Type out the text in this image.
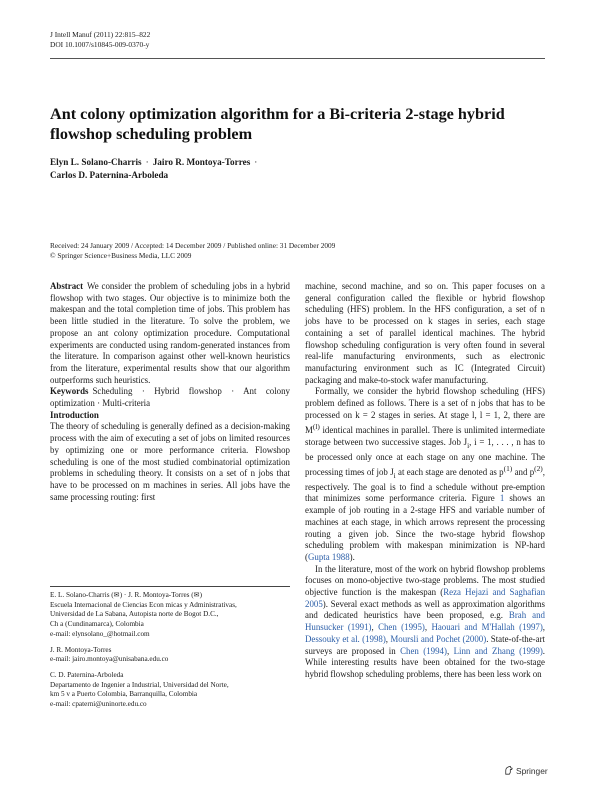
J Intell Manuf (2011) 22:815–822
DOI 10.1007/s10845-009-0370-y
Ant colony optimization algorithm for a Bi-criteria 2-stage hybrid flowshop scheduling problem
Elyn L. Solano-Charris · Jairo R. Montoya-Torres ·
Carlos D. Paternina-Arboleda
Received: 24 January 2009 / Accepted: 14 December 2009 / Published online: 31 December 2009
© Springer Science+Business Media, LLC 2009

Abstract We consider the problem of scheduling jobs in a hybrid flowshop with two stages. Our objective is to minimize both the makespan and the total completion time of jobs. This problem has been little studied in the literature. To solve the problem, we propose an ant colony optimization procedure. Computational experiments are conducted using random-generated instances from the literature. In comparison against other well-known heuristics from the literature, experimental results show that our algorithm outperforms such heuristics.

Keywords Scheduling · Hybrid flowshop · Ant colony optimization · Multi-criteria

Introduction

The theory of scheduling is generally defined as a decision-making process with the aim of executing a set of jobs on limited resources by optimizing one or more performance criteria. Flowshop scheduling is one of the most studied combinatorial optimization problems in scheduling theory. It consists on a set of n jobs that have to be processed on m machines in series. All jobs have the same processing routing: first

E. L. Solano-Charris (✉) · J. R. Montoya-Torres (✉)
Escuela Internacional de Ciencias Econ micas y Administrativas,
Universidad de La Sabana, Autopista norte de Bogot D.C.,
Ch a (Cundinamarca), Colombia
e-mail: elynsolano_@hotmail.com
J. R. Montoya-Torres
e-mail: jairo.montoya@unisabana.edu.co
C. D. Paternina-Arboleda
Departamento de Ingenier a Industrial, Universidad del Norte,
km 5 v a Puerto Colombia, Barranquilla, Colombia
e-mail: cpaterni@uninorte.edu.co

machine, second machine, and so on. This paper focuses on a general configuration called the flexible or hybrid flowshop scheduling (HFS) problem. In the HFS configuration, a set of n jobs have to be processed on k stages in series, each stage containing a set of parallel identical machines. The hybrid flowshop scheduling configuration is very often found in several real-life manufacturing environments, such as electronic manufacturing environment such as IC (Integrated Circuit) packaging and make-to-stock wafer manufacturing.

Formally, we consider the hybrid flowshop scheduling (HFS) problem defined as follows. There is a set of n jobs that has to be processed on k = 2 stages in series. At stage l, l = 1, 2, there are $M^{(l)}$ identical machines in parallel. There is unlimited intermediate storage between two successive stages. Job $J_i$, i = 1, . . . , n has to be processed only once at each stage on any one machine. The processing times of job $J_i$ at each stage are denoted as $p^{(1)}$ and $p^{(2)}$, respectively. The goal is to find a schedule without pre-emption that minimizes some performance criteria. Figure 1 shows an example of job routing in a 2-stage HFS and variable number of machines at each stage, in which arrows represent the processing routing a given job. Since the two-stage hybrid flowshop scheduling problem with makespan minimization is NP-hard (Gupta 1988).

In the literature, most of the work on hybrid flowshop problems focuses on mono-objective two-stage problems. The most studied objective function is the makespan (Reza Hejazi and Saghafian 2005). Several exact methods as well as approximation algorithms and dedicated heuristics have been proposed, e.g. Brah and Hunsucker (1991), Chen (1995), Haouari and M'Hallah (1997), Dessouky et al. (1998), Moursli and Pochet (2000). State-of-the-art surveys are proposed in Chen (1994), Linn and Zhang (1999). While interesting results have been obtained for the two-stage hybrid flowshop scheduling problems, there has been less work on

Springer
